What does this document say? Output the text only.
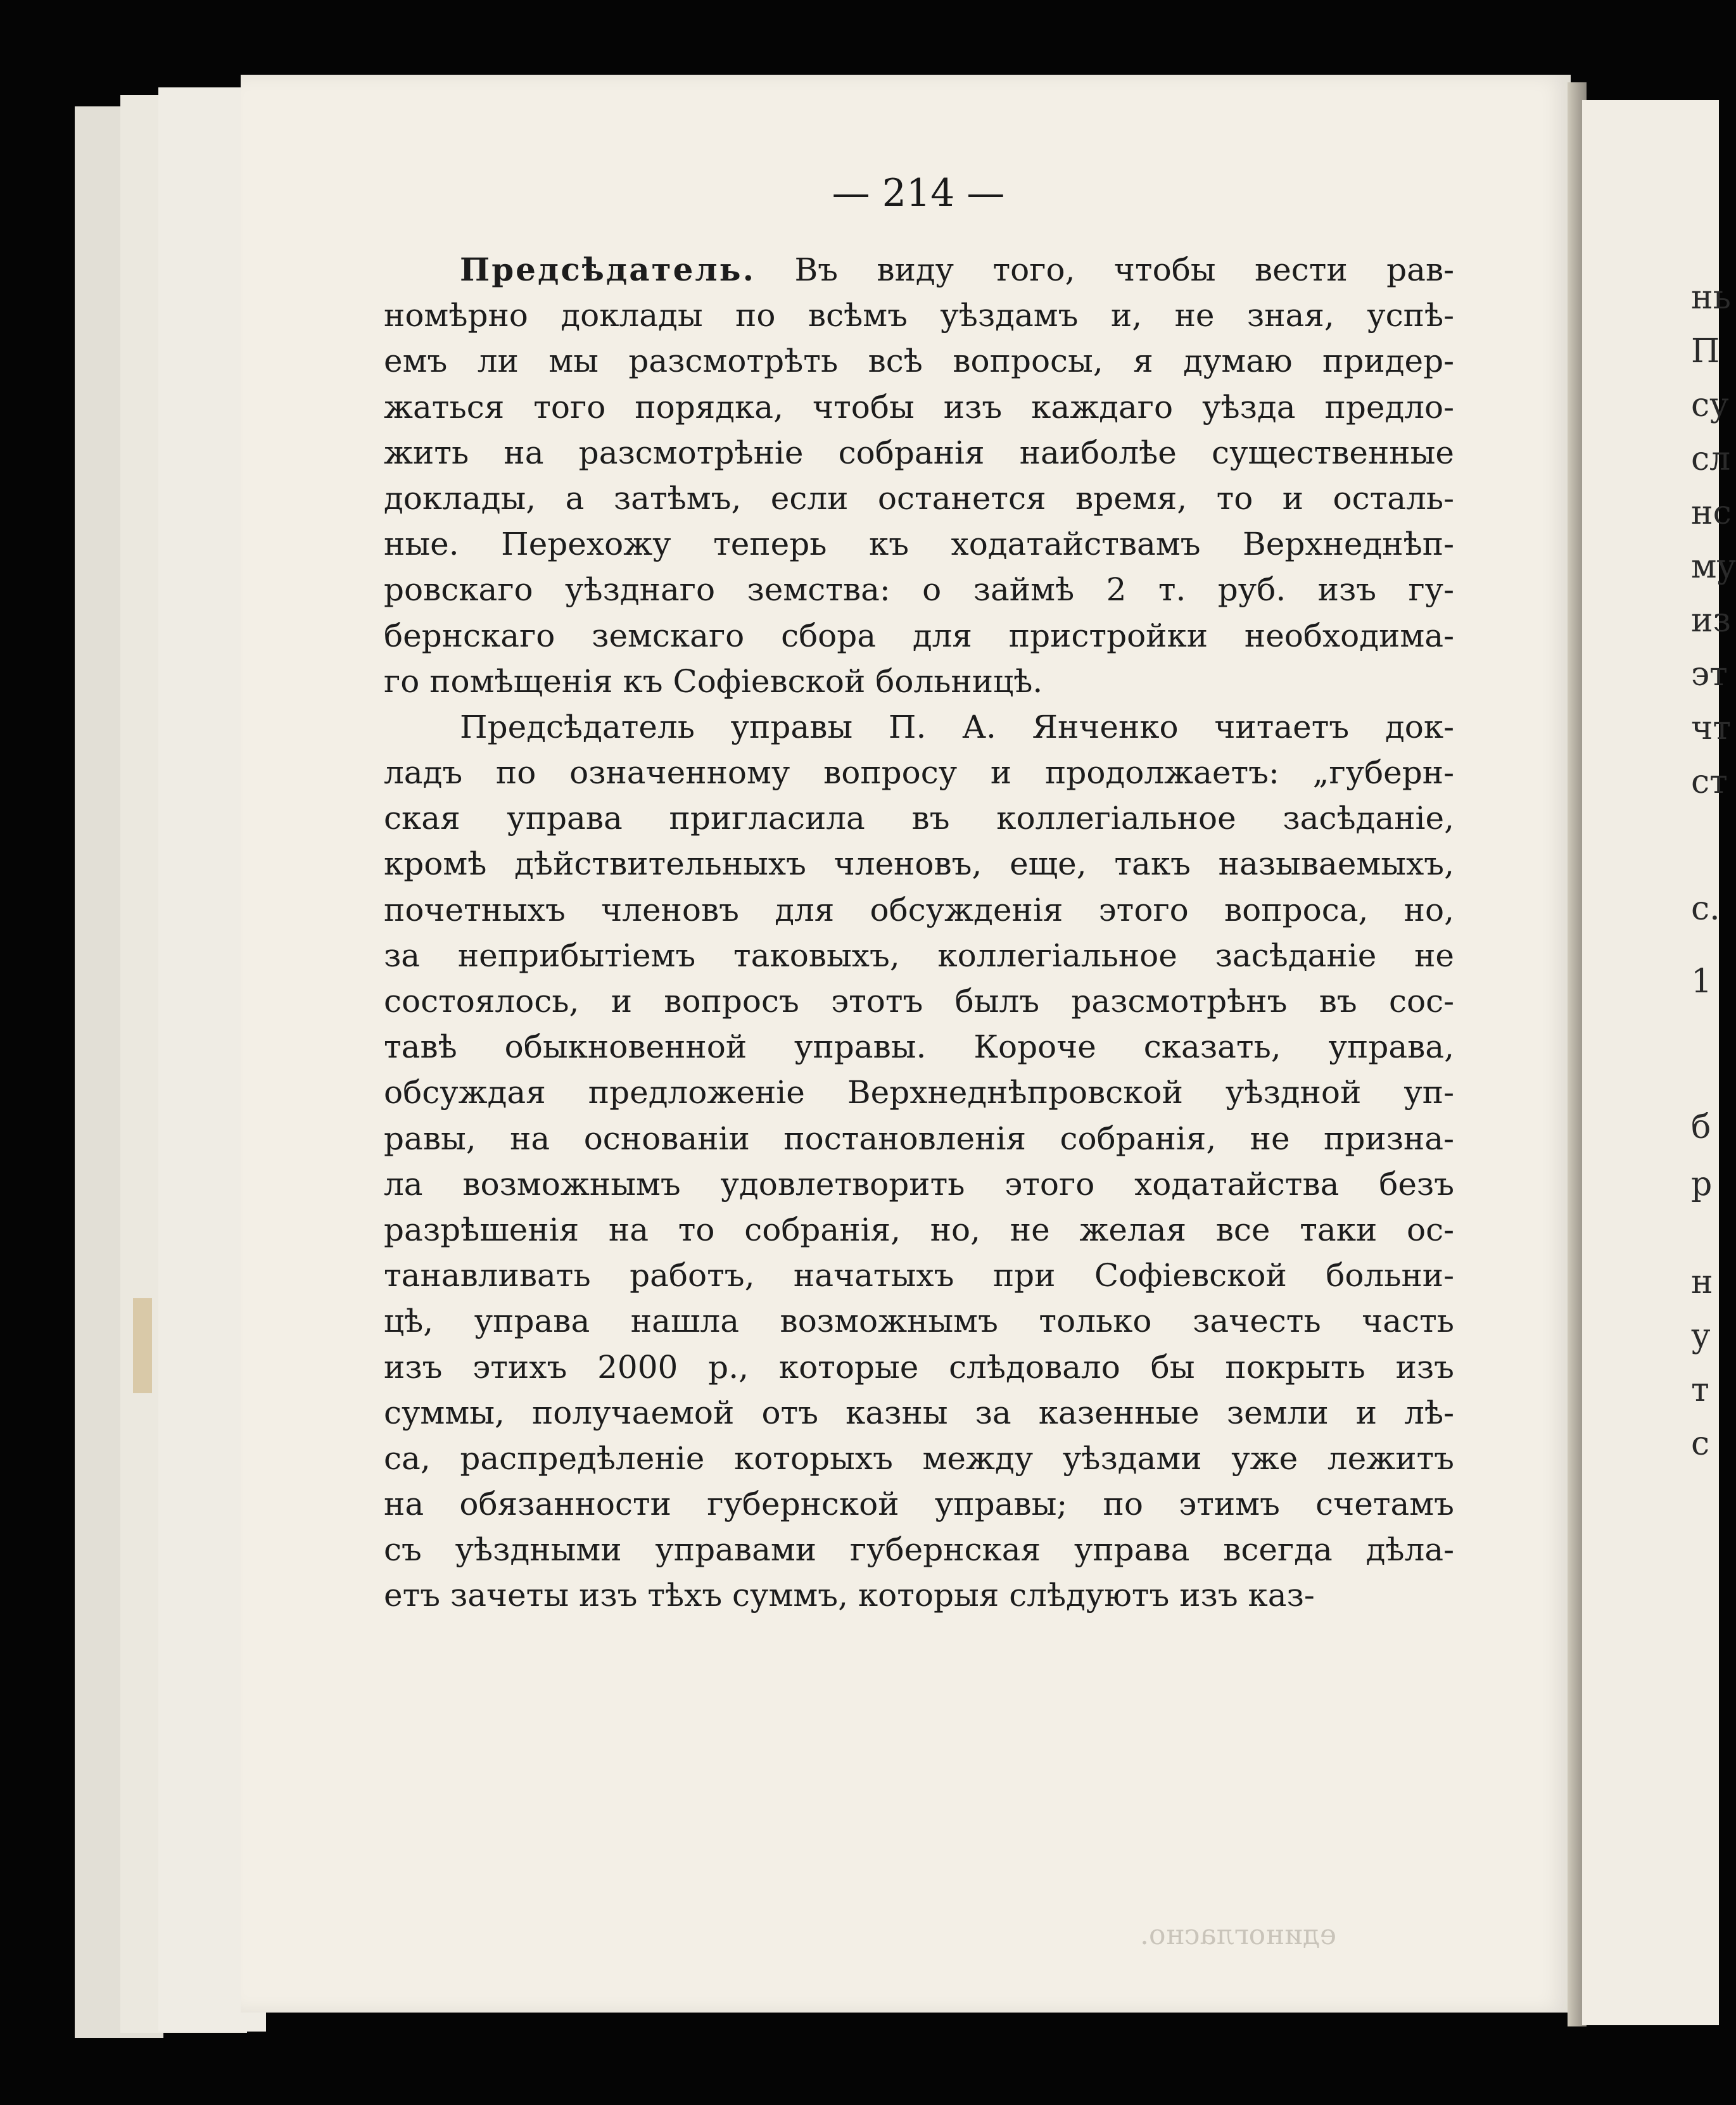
нь
П
су
сл
нс
му
из
эт
чт
ст
с.
1
б
р
н
у
т
с
— 214 —
Предсѣдатель. Въ виду того, чтобы вести рав-
номѣрно доклады по всѣмъ уѣздамъ и, не зная, успѣ-
емъ ли мы разсмотрѣть всѣ вопросы, я думаю придер-
жаться того порядка, чтобы изъ каждаго уѣзда предло-
жить на разсмотрѣніе собранія наиболѣе существенные
доклады, а затѣмъ, если останется время, то и осталь-
ные. Перехожу теперь къ ходатайствамъ Верхнеднѣп-
ровскаго уѣзднаго земства: о займѣ 2 т. руб. изъ гу-
бернскаго земскаго сбора для пристройки необходима-
го помѣщенія къ Софіевской больницѣ.
Предсѣдатель управы П. А. Янченко читаетъ док-
ладъ по означенному вопросу и продолжаетъ: „губерн-
ская управа пригласила въ коллегіальное засѣданіе,
кромѣ дѣйствительныхъ членовъ, еще, такъ называемыхъ,
почетныхъ членовъ для обсужденія этого вопроса, но,
за неприбытіемъ таковыхъ, коллегіальное засѣданіе не
состоялось, и вопросъ этотъ былъ разсмотрѣнъ въ сос-
тавѣ обыкновенной управы. Короче сказать, управа,
обсуждая предложеніе Верхнеднѣпровской уѣздной уп-
равы, на основаніи постановленія собранія, не призна-
ла возможнымъ удовлетворить этого ходатайства безъ
разрѣшенія на то собранія, но, не желая все таки ос-
танавливать работъ, начатыхъ при Софіевской больни-
цѣ, управа нашла возможнымъ только зачесть часть
изъ этихъ 2000 р., которые слѣдовало бы покрыть изъ
суммы, получаемой отъ казны за казенные земли и лѣ-
са, распредѣленіе которыхъ между уѣздами уже лежитъ
на обязанности губернской управы; по этимъ счетамъ
съ уѣздными управами губернская управа всегда дѣла-
етъ зачеты изъ тѣхъ суммъ, которыя слѣдуютъ изъ каз-
единогласно.
